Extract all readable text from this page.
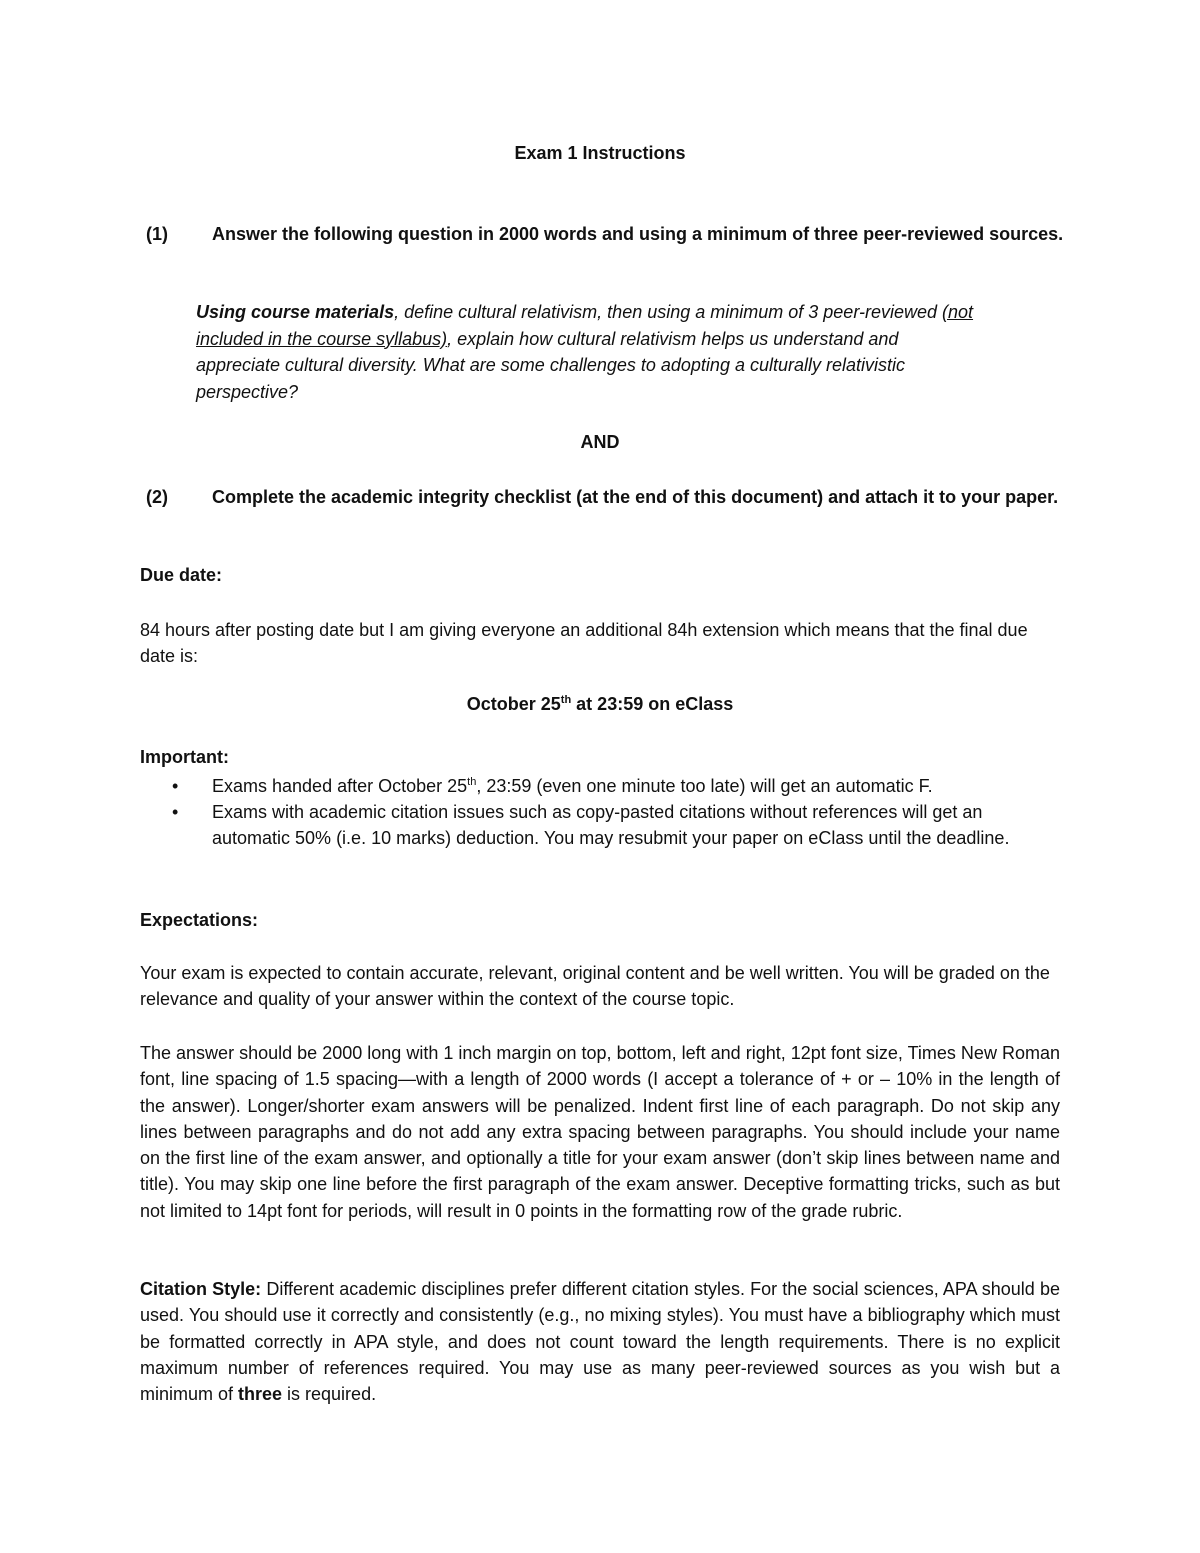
Exam 1 Instructions
(1) Answer the following question in 2000 words and using a minimum of three peer-reviewed sources.
Using course materials, define cultural relativism, then using a minimum of 3 peer-reviewed (not included in the course syllabus), explain how cultural relativism helps us understand and appreciate cultural diversity. What are some challenges to adopting a culturally relativistic perspective?
AND
(2) Complete the academic integrity checklist (at the end of this document) and attach it to your paper.
Due date:
84 hours after posting date but I am giving everyone an additional 84h extension which means that the final due date is:
October 25th at 23:59 on eClass
Important:
• Exams handed after October 25th, 23:59 (even one minute too late) will get an automatic F.
• Exams with academic citation issues such as copy-pasted citations without references will get an automatic 50% (i.e. 10 marks) deduction. You may resubmit your paper on eClass until the deadline.
Expectations:
Your exam is expected to contain accurate, relevant, original content and be well written. You will be graded on the relevance and quality of your answer within the context of the course topic.
The answer should be 2000 long with 1 inch margin on top, bottom, left and right, 12pt font size, Times New Roman font, line spacing of 1.5 spacing—with a length of 2000 words (I accept a tolerance of + or – 10% in the length of the answer). Longer/shorter exam answers will be penalized. Indent first line of each paragraph. Do not skip any lines between paragraphs and do not add any extra spacing between paragraphs. You should include your name on the first line of the exam answer, and optionally a title for your exam answer (don’t skip lines between name and title). You may skip one line before the first paragraph of the exam answer. Deceptive formatting tricks, such as but not limited to 14pt font for periods, will result in 0 points in the formatting row of the grade rubric.
Citation Style: Different academic disciplines prefer different citation styles. For the social sciences, APA should be used. You should use it correctly and consistently (e.g., no mixing styles). You must have a bibliography which must be formatted correctly in APA style, and does not count toward the length requirements. There is no explicit maximum number of references required. You may use as many peer-reviewed sources as you wish but a minimum of three is required.
